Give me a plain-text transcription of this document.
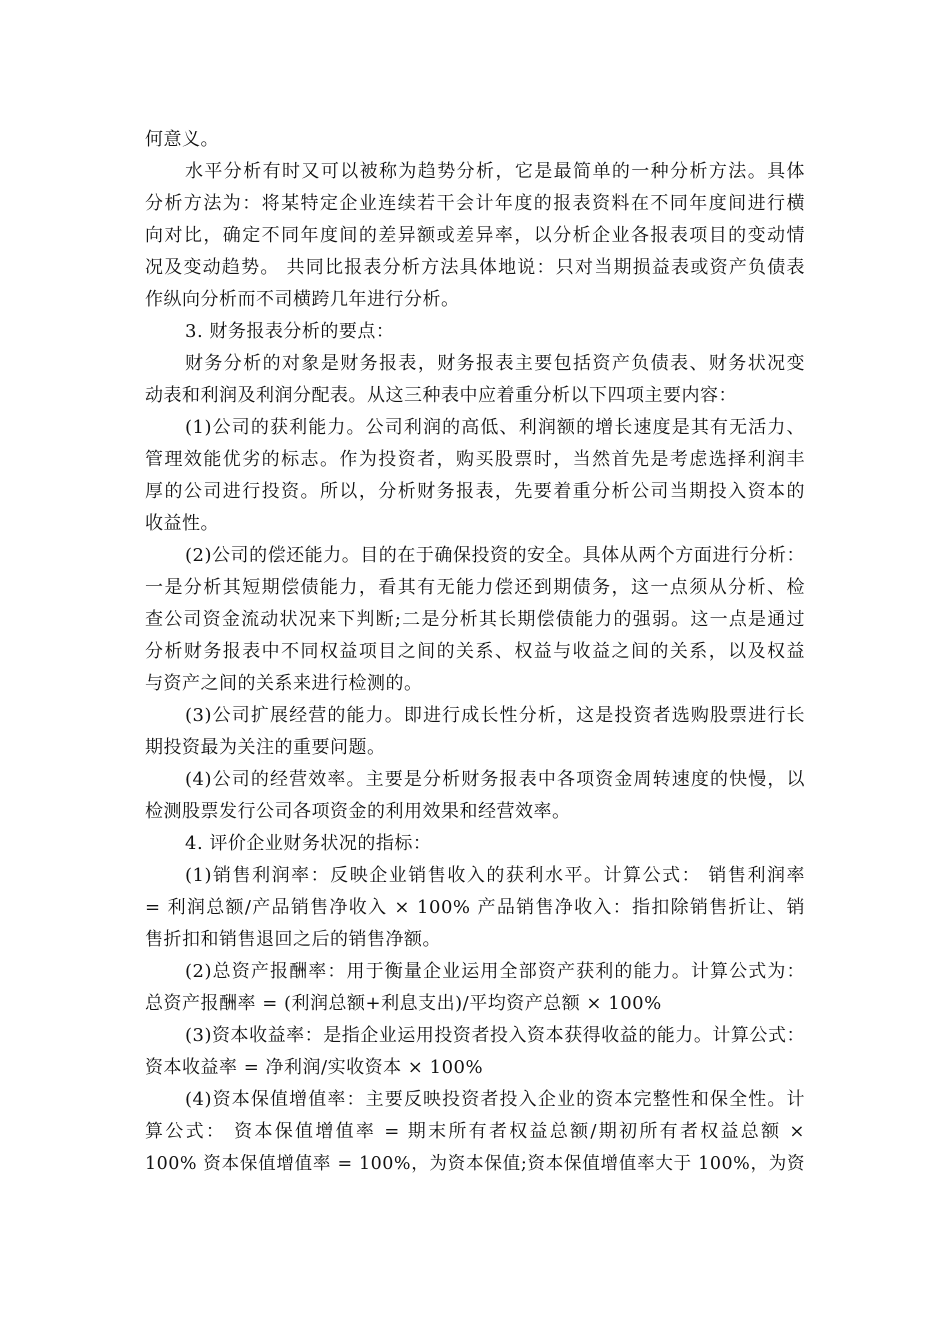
何意义。
水平分析有时又可以被称为趋势分析，它是最简单的一种分析方法。具体
分析方法为：将某特定企业连续若干会计年度的报表资料在不同年度间进行横
向对比，确定不同年度间的差异额或差异率，以分析企业各报表项目的变动情
况及变动趋势。 共同比报表分析方法具体地说：只对当期损益表或资产负债表
作纵向分析而不司横跨几年进行分析。
3. 财务报表分析的要点：
财务分析的对象是财务报表，财务报表主要包括资产负债表、财务状况变
动表和利润及利润分配表。从这三种表中应着重分析以下四项主要内容：
(1)公司的获利能力。公司利润的高低、利润额的增长速度是其有无活力、
管理效能优劣的标志。作为投资者，购买股票时，当然首先是考虑选择利润丰
厚的公司进行投资。所以，分析财务报表，先要着重分析公司当期投入资本的
收益性。
(2)公司的偿还能力。目的在于确保投资的安全。具体从两个方面进行分析：
一是分析其短期偿债能力，看其有无能力偿还到期债务，这一点须从分析、检
查公司资金流动状况来下判断;二是分析其长期偿债能力的强弱。这一点是通过
分析财务报表中不同权益项目之间的关系、权益与收益之间的关系，以及权益
与资产之间的关系来进行检测的。
(3)公司扩展经营的能力。即进行成长性分析，这是投资者选购股票进行长
期投资最为关注的重要问题。
(4)公司的经营效率。主要是分析财务报表中各项资金周转速度的快慢，以
检测股票发行公司各项资金的利用效果和经营效率。
4. 评价企业财务状况的指标：
(1)销售利润率：反映企业销售收入的获利水平。计算公式： 销售利润率
= 利润总额/产品销售净收入 × 100% 产品销售净收入：指扣除销售折让、销
售折扣和销售退回之后的销售净额。
(2)总资产报酬率：用于衡量企业运用全部资产获利的能力。计算公式为：
总资产报酬率 = (利润总额+利息支出)/平均资产总额 × 100%
(3)资本收益率：是指企业运用投资者投入资本获得收益的能力。计算公式：
资本收益率 = 净利润/实收资本 × 100%
(4)资本保值增值率：主要反映投资者投入企业的资本完整性和保全性。计
算公式： 资本保值增值率 = 期末所有者权益总额/期初所有者权益总额 ×
100% 资本保值增值率 = 100%，为资本保值;资本保值增值率大于 100%，为资
